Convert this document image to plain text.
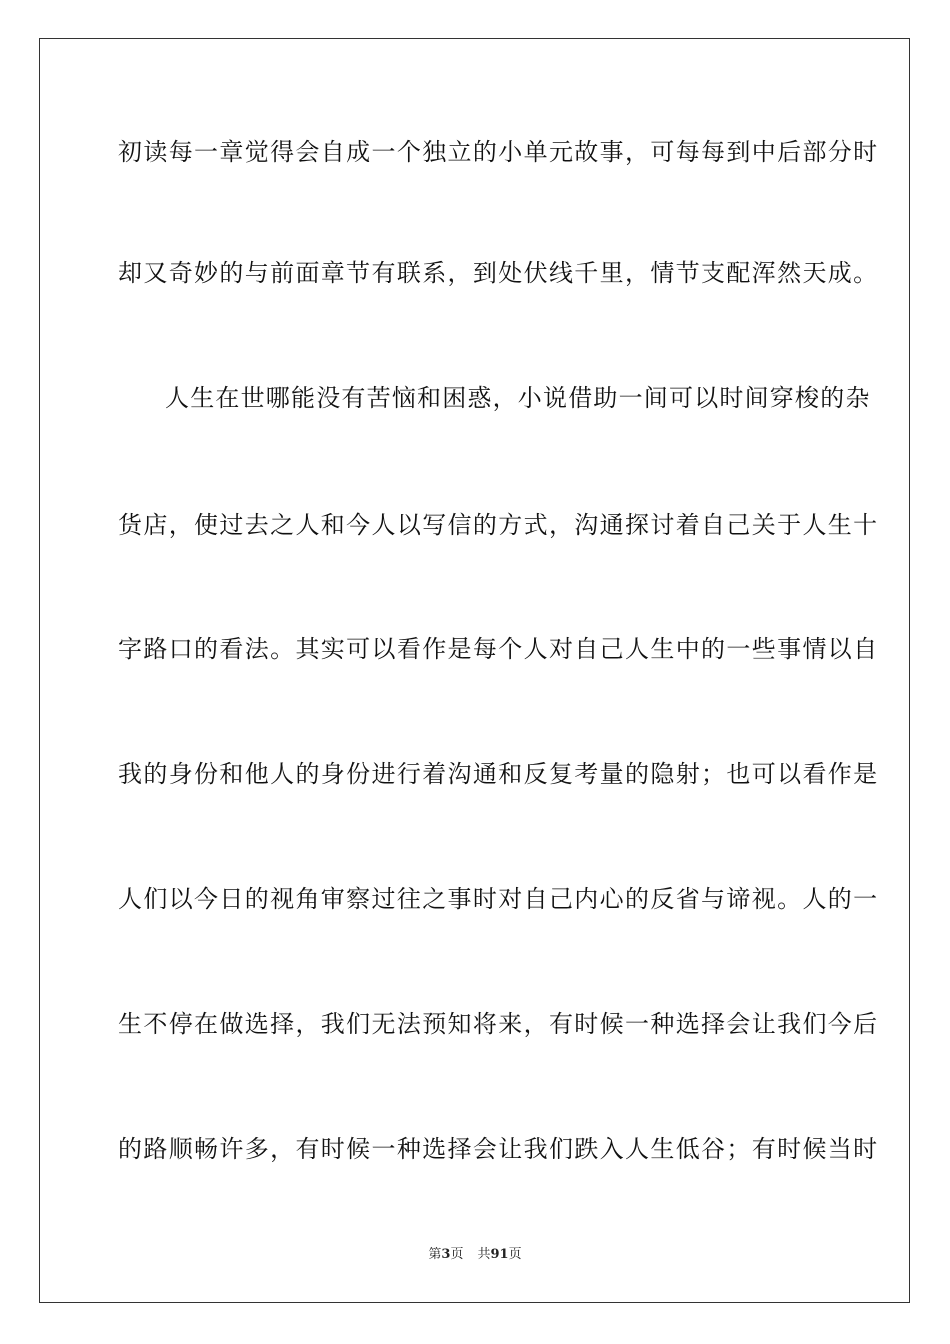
初读每一章觉得会自成一个独立的小单元故事，可每每到中后部分时
却又奇妙的与前面章节有联系，到处伏线千里，情节支配浑然天成。
人生在世哪能没有苦恼和困惑，小说借助一间可以时间穿梭的杂
货店，使过去之人和今人以写信的方式，沟通探讨着自己关于人生十
字路口的看法。其实可以看作是每个人对自己人生中的一些事情以自
我的身份和他人的身份进行着沟通和反复考量的隐射；也可以看作是
人们以今日的视角审察过往之事时对自己内心的反省与谛视。人的一
生不停在做选择，我们无法预知将来，有时候一种选择会让我们今后
的路顺畅许多，有时候一种选择会让我们跌入人生低谷；有时候当时
第3页 共91页
